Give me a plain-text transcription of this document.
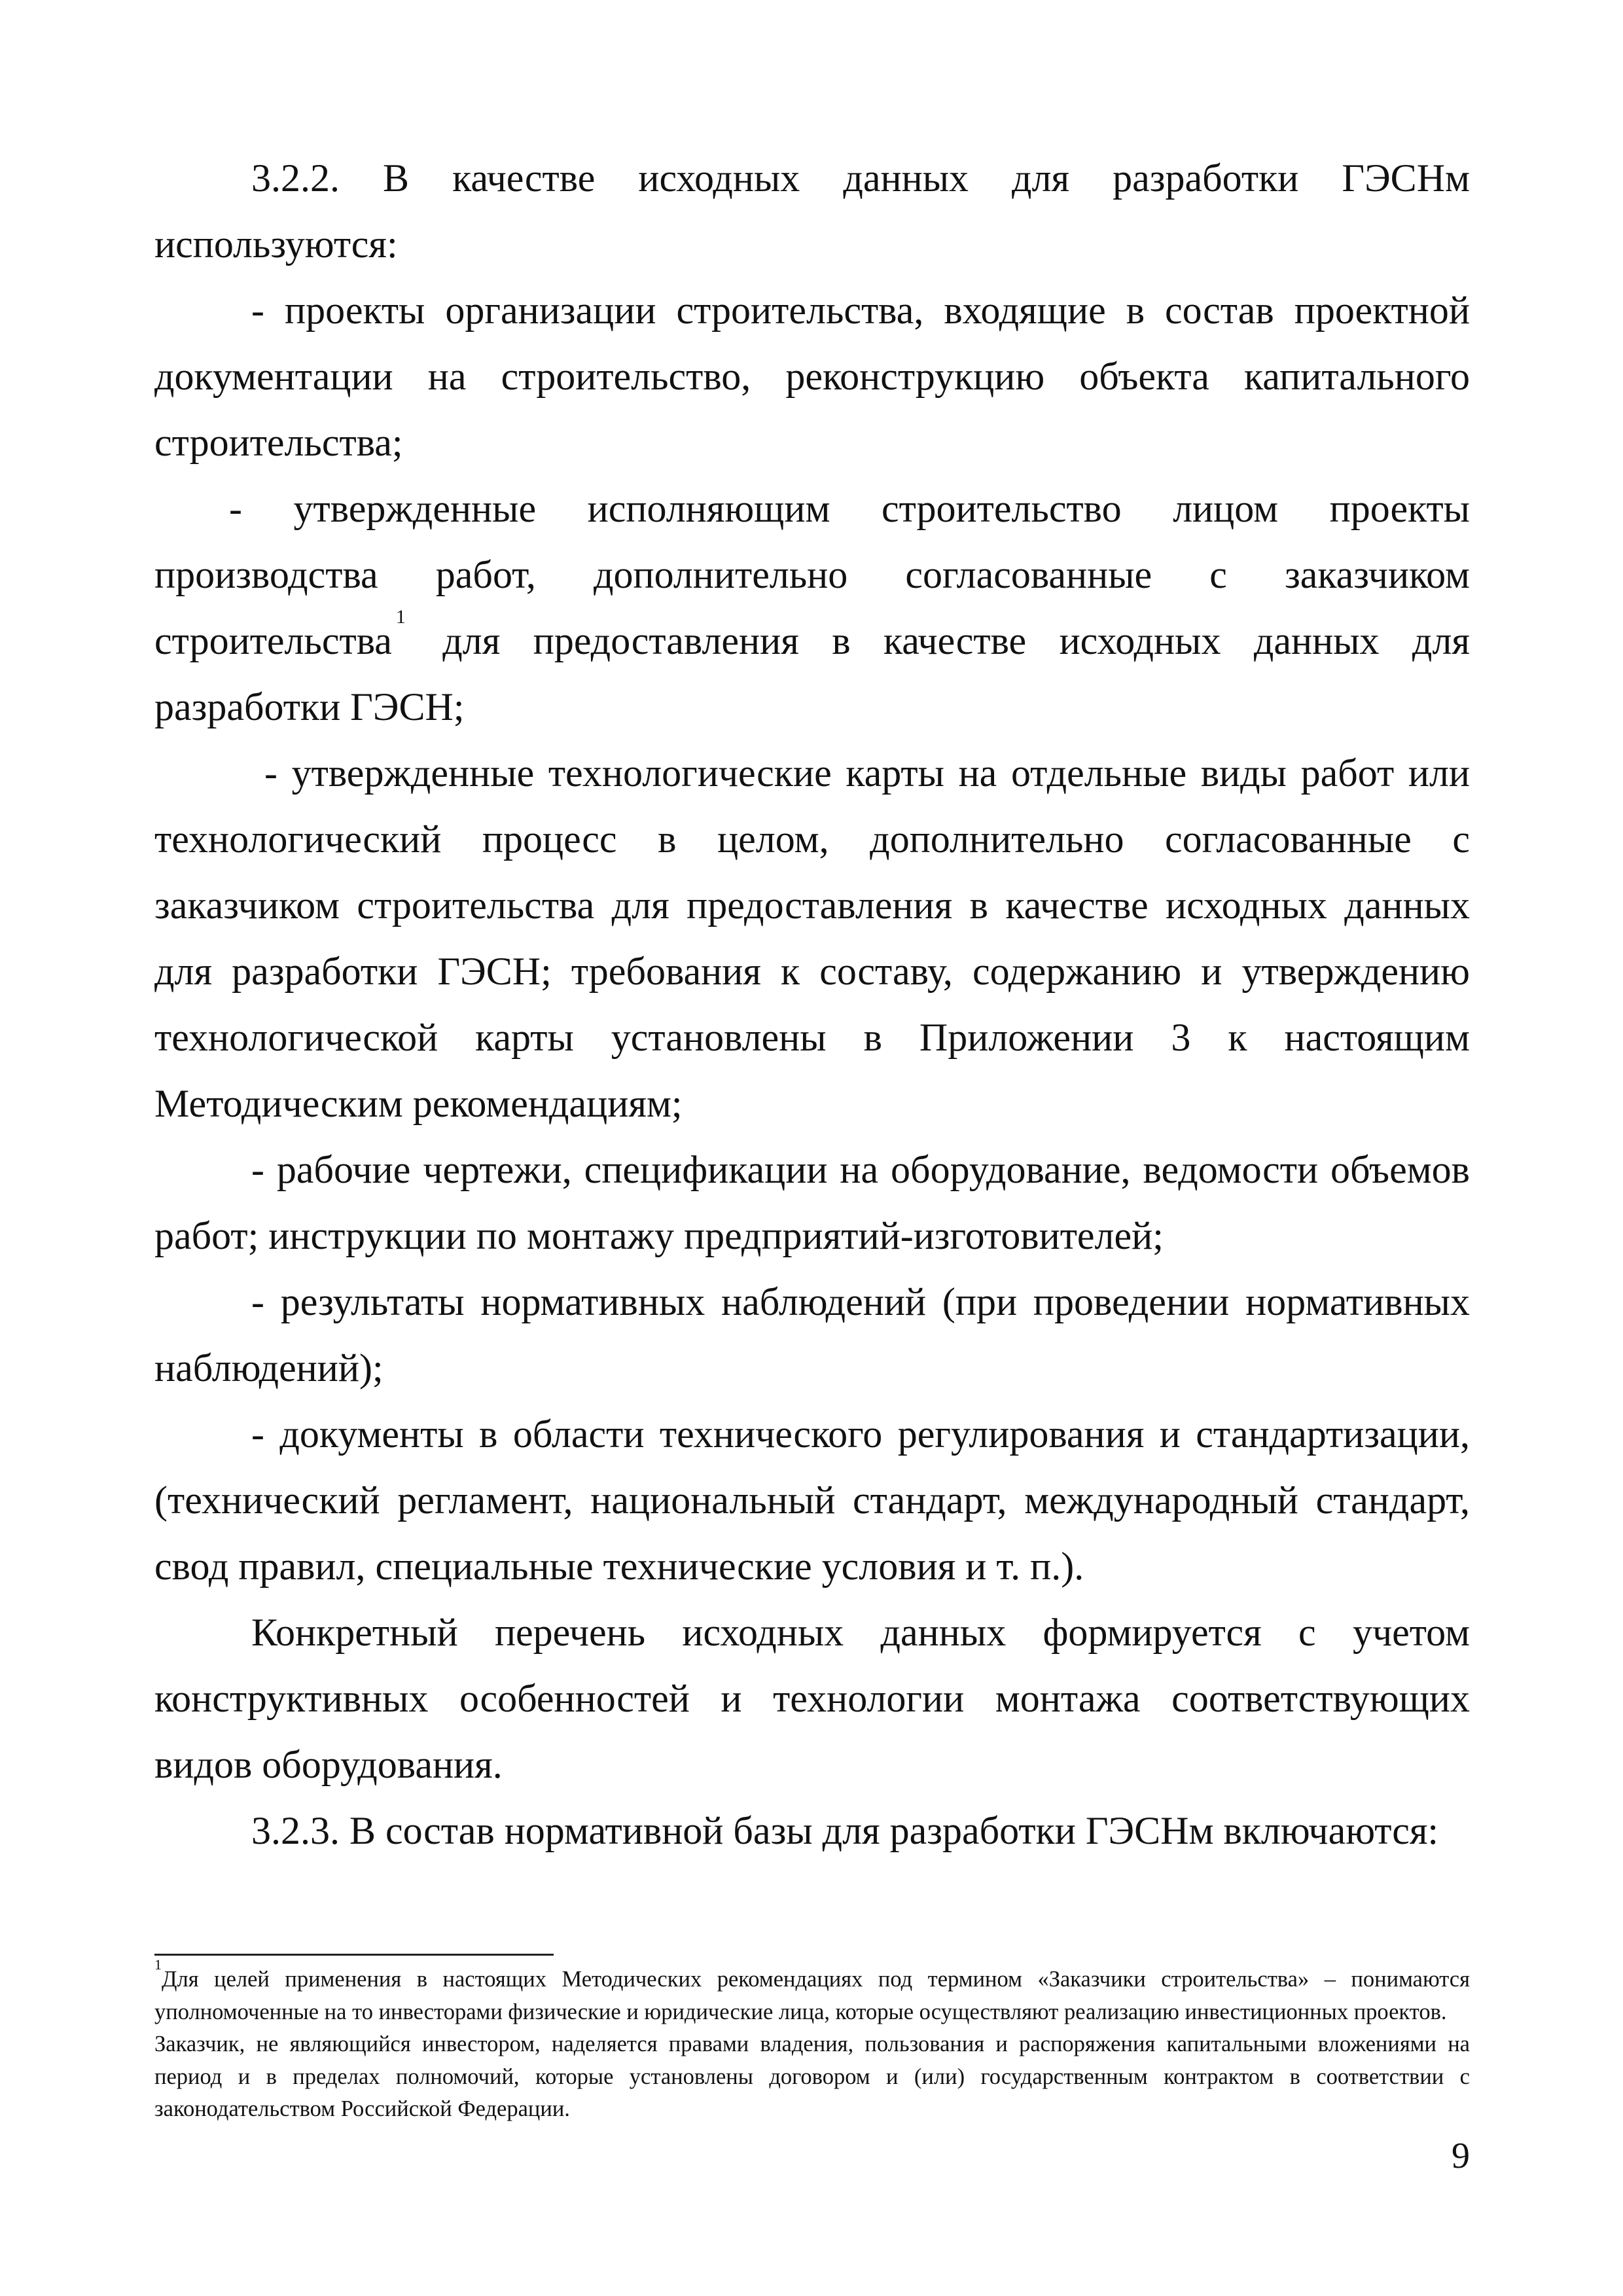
3.2.2. В качестве исходных данных для разработки ГЭСНм используются:

- проекты организации строительства, входящие в состав проектной документации на строительство, реконструкцию объекта капитального строительства;

- утвержденные исполняющим строительство лицом проекты производства работ, дополнительно согласованные с заказчиком строительства$^1$ для предоставления в качестве исходных данных для разработки ГЭСН;

- утвержденные технологические карты на отдельные виды работ или технологический процесс в целом, дополнительно согласованные с заказчиком строительства для предоставления в качестве исходных данных для разработки ГЭСН; требования к составу, содержанию и утверждению технологической карты установлены в Приложении 3 к настоящим Методическим рекомендациям;

- рабочие чертежи, спецификации на оборудование, ведомости объемов работ; инструкции по монтажу предприятий-изготовителей;

- результаты нормативных наблюдений (при проведении нормативных наблюдений);

- документы в области технического регулирования и стандартизации, (технический регламент, национальный стандарт, международный стандарт, свод правил, специальные технические условия и т. п.).

Конкретный перечень исходных данных формируется с учетом конструктивных особенностей и технологии монтажа соответствующих видов оборудования.

3.2.3. В состав нормативной базы для разработки ГЭСНм включаются:

$^1$Для целей применения в настоящих Методических рекомендациях под термином «Заказчики строительства» – понимаются уполномоченные на то инвесторами физические и юридические лица, которые осуществляют реализацию инвестиционных проектов.

Заказчик, не являющийся инвестором, наделяется правами владения, пользования и распоряжения капитальными вложениями на период и в пределах полномочий, которые установлены договором и (или) государственным контрактом в соответствии с законодательством Российской Федерации.

9
